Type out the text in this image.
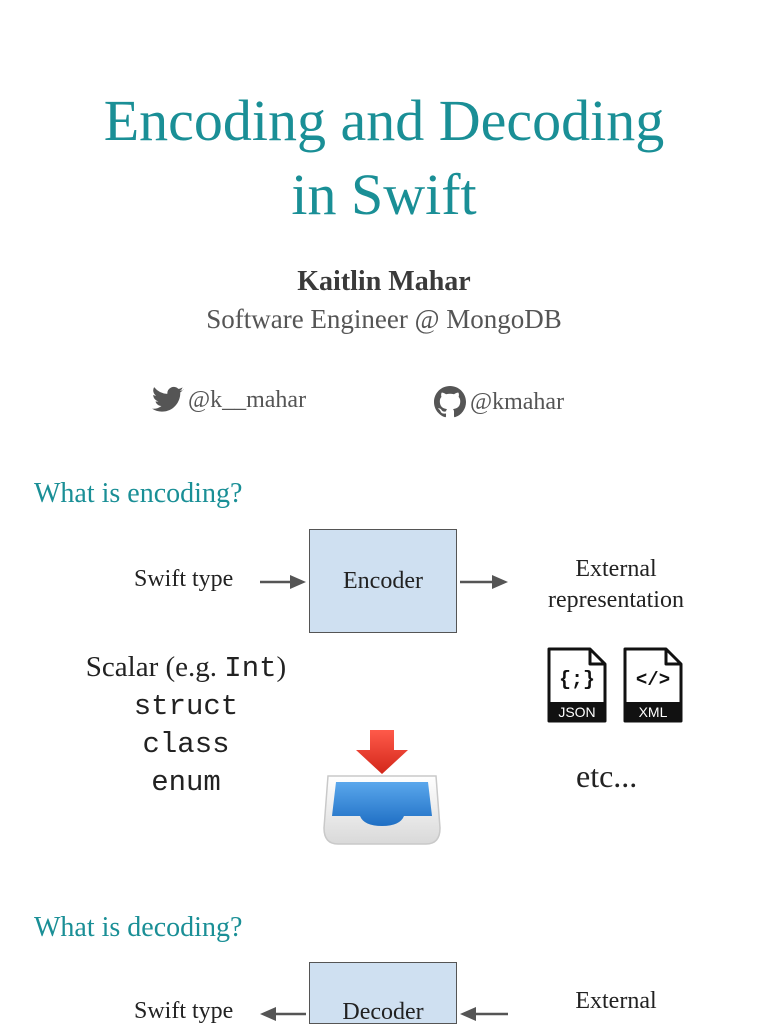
Encoding and Decoding
in Swift
Kaitlin Mahar
Software Engineer @ MongoDB
@k__mahar	@kmahar
What is encoding?
Swift type	Encoder	External
representation
Scalar (e.g. Int)
struct
class
enum
{;}
JSON
</>
XML
etc...
What is decoding?
Swift type	Decoder	External
